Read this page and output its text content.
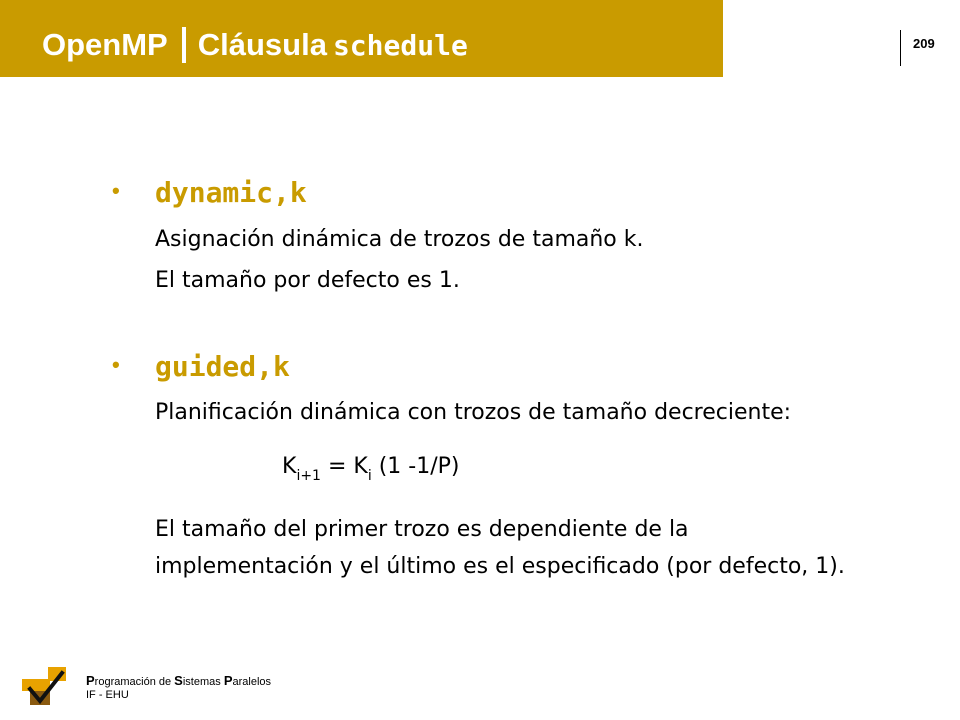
OpenMP Cláusula schedule	209
• dynamic,k
Asignación dinámica de trozos de tamaño k.
El tamaño por defecto es 1.
• guided,k
Planificación dinámica con trozos de tamaño decreciente:
$K_{i+1} = K_i$ (1 -1/P)
El tamaño del primer trozo es dependiente de la implementación y el último es el especificado (por defecto, 1).
Programación de Sistemas Paralelos
IF - EHU
